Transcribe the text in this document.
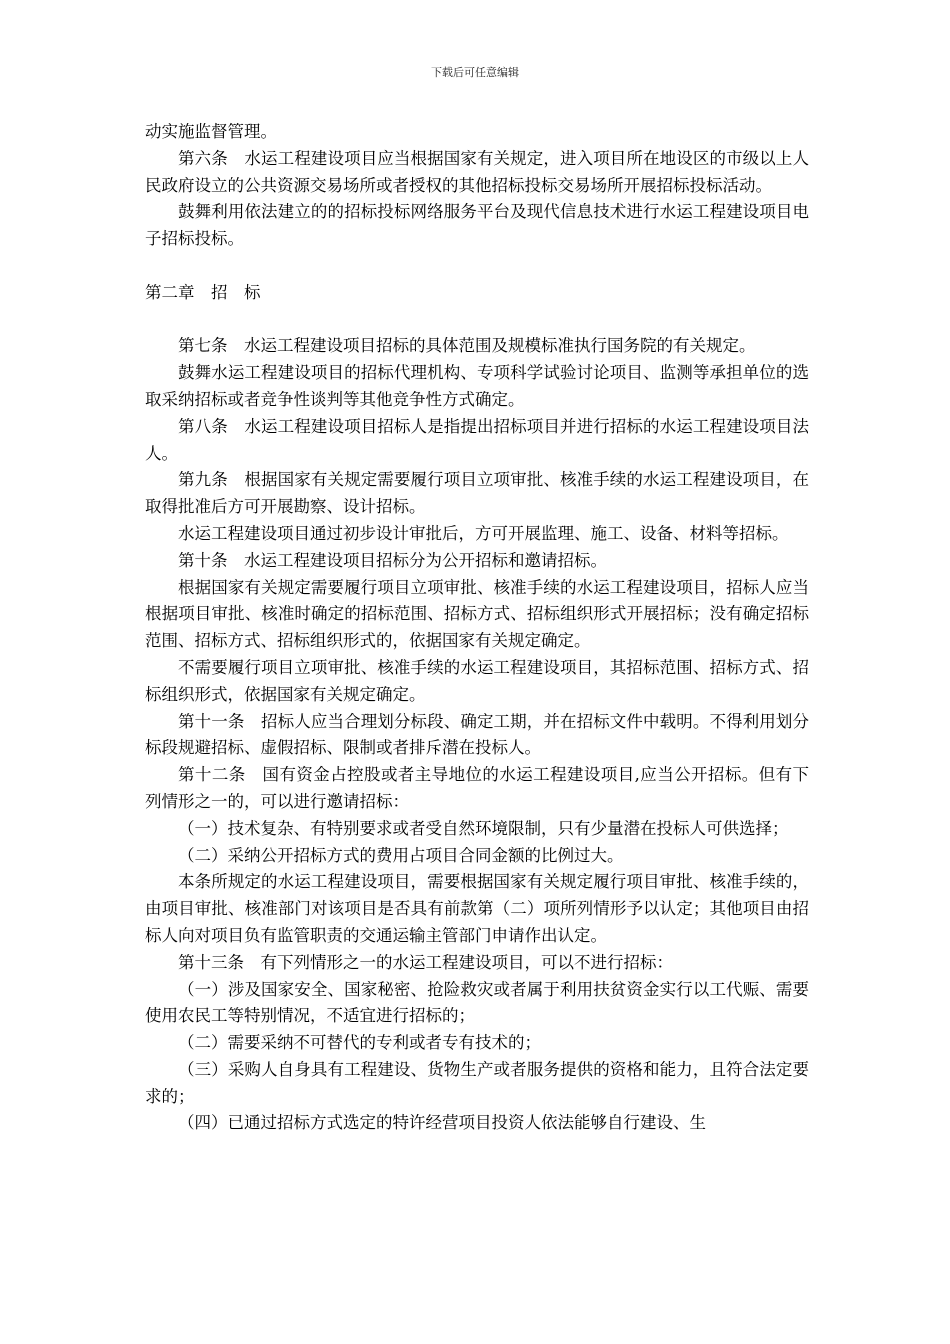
下载后可任意编辑

动实施监督管理。

第六条　水运工程建设项目应当根据国家有关规定，进入项目所在地设区的市级以上人民政府设立的公共资源交易场所或者授权的其他招标投标交易场所开展招标投标活动。

鼓舞利用依法建立的的招标投标网络服务平台及现代信息技术进行水运工程建设项目电子招标投标。

第二章　招　标

第七条　水运工程建设项目招标的具体范围及规模标准执行国务院的有关规定。

鼓舞水运工程建设项目的招标代理机构、专项科学试验讨论项目、监测等承担单位的选取采纳招标或者竞争性谈判等其他竞争性方式确定。

第八条　水运工程建设项目招标人是指提出招标项目并进行招标的水运工程建设项目法人。

第九条　根据国家有关规定需要履行项目立项审批、核准手续的水运工程建设项目，在取得批准后方可开展勘察、设计招标。

水运工程建设项目通过初步设计审批后，方可开展监理、施工、设备、材料等招标。

第十条　水运工程建设项目招标分为公开招标和邀请招标。

根据国家有关规定需要履行项目立项审批、核准手续的水运工程建设项目，招标人应当根据项目审批、核准时确定的招标范围、招标方式、招标组织形式开展招标；没有确定招标范围、招标方式、招标组织形式的，依据国家有关规定确定。

不需要履行项目立项审批、核准手续的水运工程建设项目，其招标范围、招标方式、招标组织形式，依据国家有关规定确定。

第十一条　招标人应当合理划分标段、确定工期，并在招标文件中载明。不得利用划分标段规避招标、虚假招标、限制或者排斥潜在投标人。

第十二条　国有资金占控股或者主导地位的水运工程建设项目,应当公开招标。但有下列情形之一的，可以进行邀请招标：

（一）技术复杂、有特别要求或者受自然环境限制，只有少量潜在投标人可供选择；

（二）采纳公开招标方式的费用占项目合同金额的比例过大。

本条所规定的水运工程建设项目，需要根据国家有关规定履行项目审批、核准手续的，由项目审批、核准部门对该项目是否具有前款第（二）项所列情形予以认定；其他项目由招标人向对项目负有监管职责的交通运输主管部门申请作出认定。

第十三条　有下列情形之一的水运工程建设项目，可以不进行招标：

（一）涉及国家安全、国家秘密、抢险救灾或者属于利用扶贫资金实行以工代赈、需要使用农民工等特别情况，不适宜进行招标的；

（二）需要采纳不可替代的专利或者专有技术的；

（三）采购人自身具有工程建设、货物生产或者服务提供的资格和能力，且符合法定要求的；

（四）已通过招标方式选定的特许经营项目投资人依法能够自行建设、生
